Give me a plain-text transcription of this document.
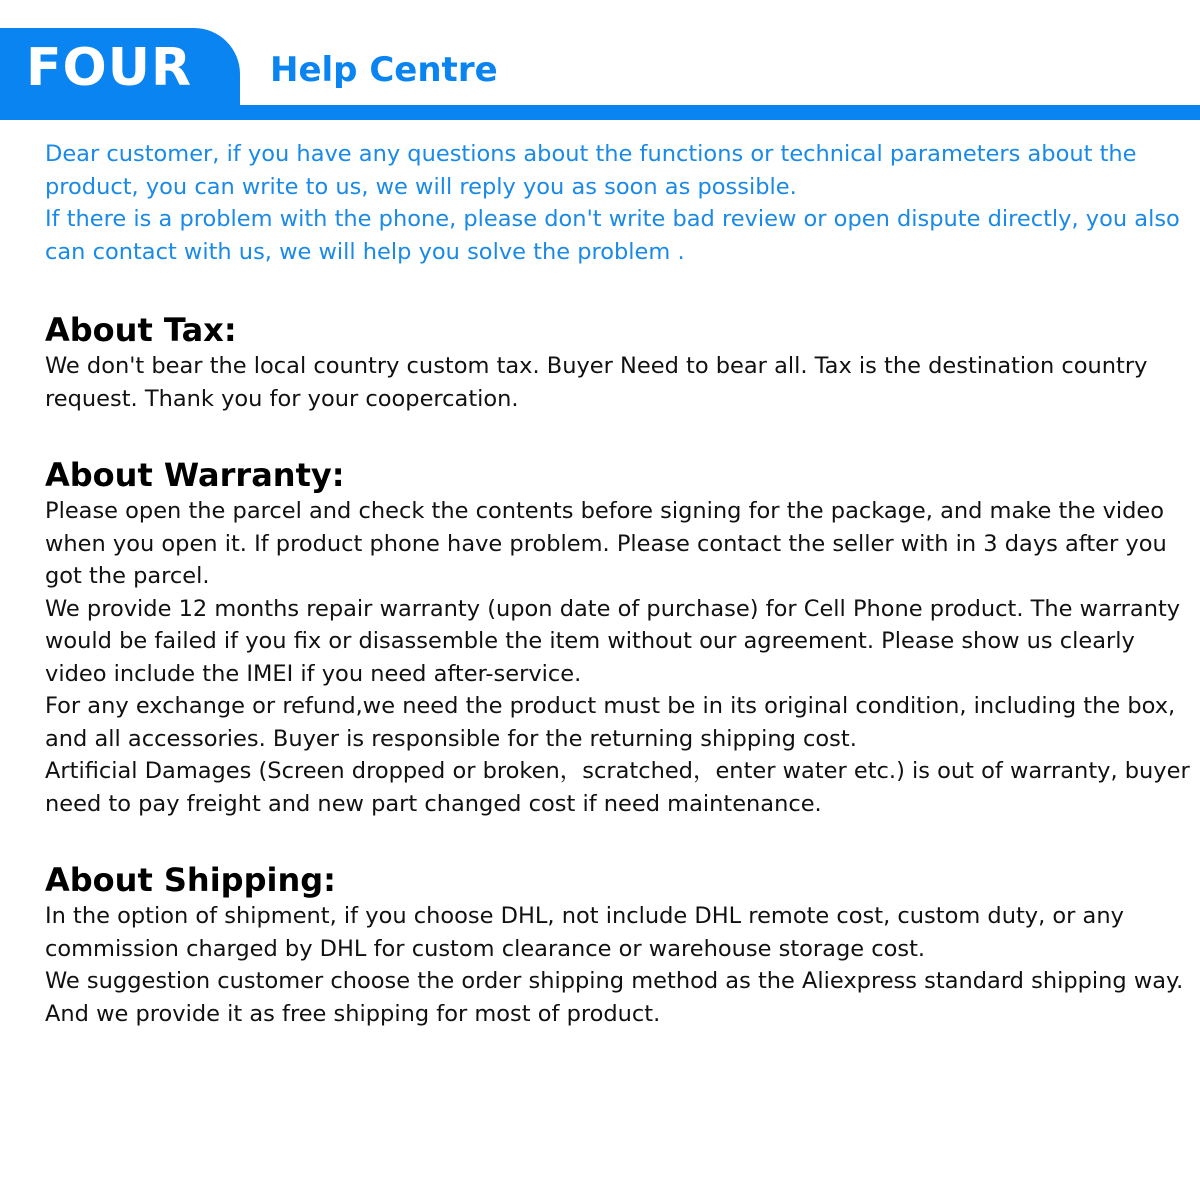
FOUR Help Centre

Dear customer, if you have any questions about the functions or technical parameters about the product, you can write to us, we will reply you as soon as possible.

If there is a problem with the phone, please don't write bad review or open dispute directly, you also can contact with us, we will help you solve the problem .

About Tax:

We don't bear the local country custom tax. Buyer Need to bear all. Tax is the destination country request. Thank you for your coopercation.

About Warranty:

Please open the parcel and check the contents before signing for the package, and make the video when you open it. If product phone have problem. Please contact the seller with in 3 days after you got the parcel.

We provide 12 months repair warranty (upon date of purchase) for Cell Phone product. The warranty would be failed if you fix or disassemble the item without our agreement. Please show us clearly video include the IMEI if you need after-service.

For any exchange or refund,we need the product must be in its original condition, including the box, and all accessories. Buyer is responsible for the returning shipping cost.

Artificial Damages (Screen dropped or broken，scratched，enter water etc.) is out of warranty, buyer need to pay freight and new part changed cost if need maintenance.

About Shipping:

In the option of shipment, if you choose DHL, not include DHL remote cost, custom duty, or any commission charged by DHL for custom clearance or warehouse storage cost.

We suggestion customer choose the order shipping method as the Aliexpress standard shipping way. And we provide it as free shipping for most of product.
